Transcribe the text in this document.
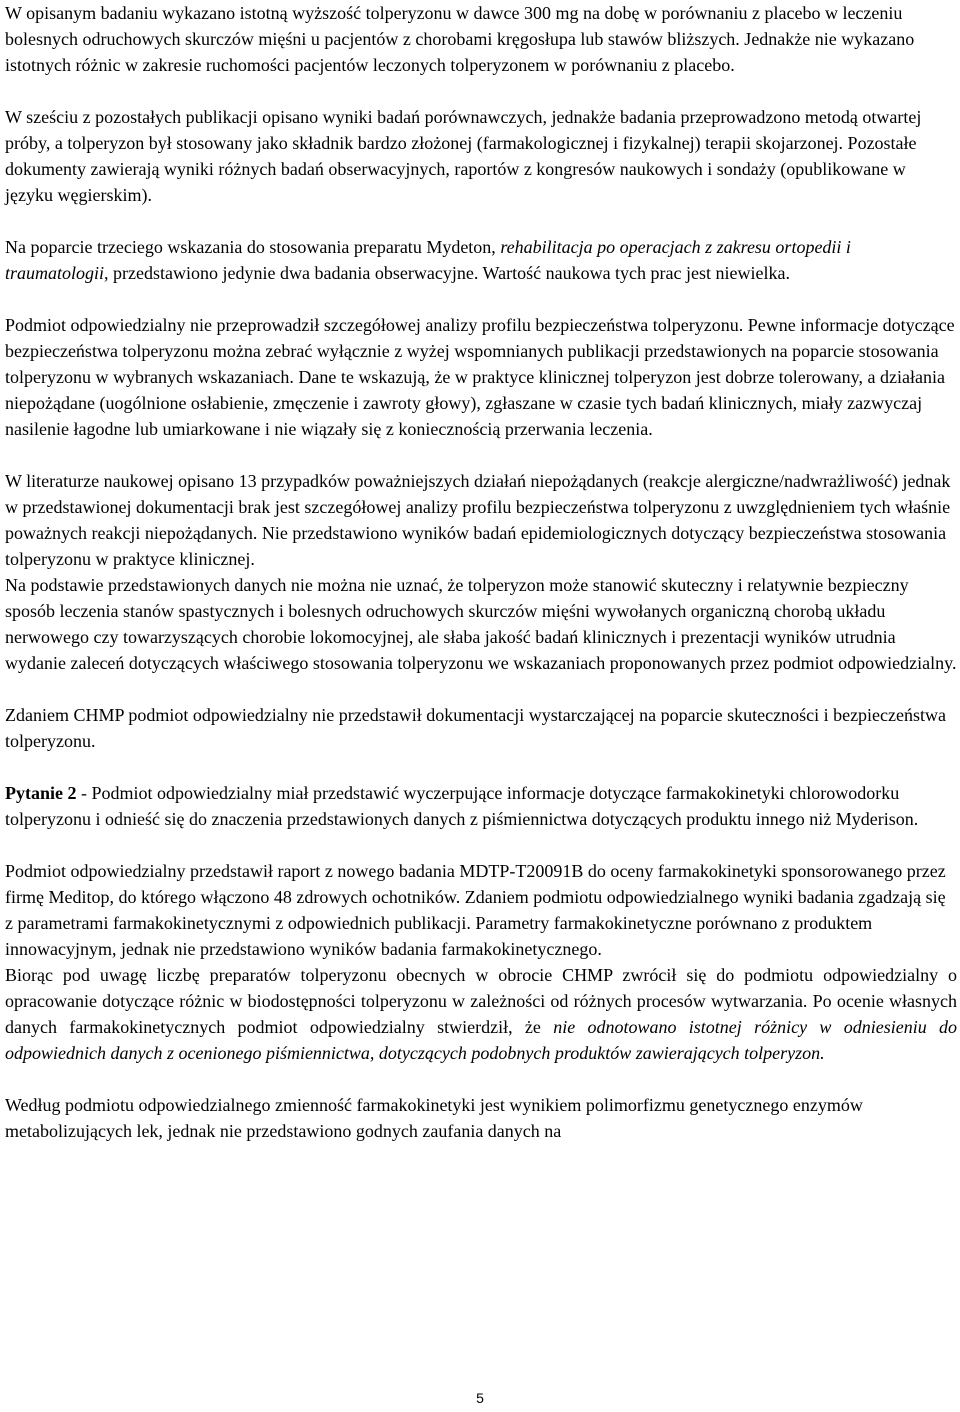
W opisanym badaniu wykazano istotną wyższość tolperyzonu w dawce 300 mg na dobę w porównaniu z placebo w leczeniu bolesnych odruchowych skurczów mięśni u pacjentów z chorobami kręgosłupa lub stawów bliższych. Jednakże nie wykazano istotnych różnic w zakresie ruchomości pacjentów leczonych tolperyzonem w porównaniu z placebo.

W sześciu z pozostałych publikacji opisano wyniki badań porównawczych, jednakże badania przeprowadzono metodą otwartej próby, a tolperyzon był stosowany jako składnik bardzo złożonej (farmakologicznej i fizykalnej) terapii skojarzonej. Pozostałe dokumenty zawierają wyniki różnych badań obserwacyjnych, raportów z kongresów naukowych i sondaży (opublikowane w języku węgierskim).

Na poparcie trzeciego wskazania do stosowania preparatu Mydeton, rehabilitacja po operacjach z zakresu ortopedii i traumatologii, przedstawiono jedynie dwa badania obserwacyjne. Wartość naukowa tych prac jest niewielka.

Podmiot odpowiedzialny nie przeprowadził szczegółowej analizy profilu bezpieczeństwa tolperyzonu. Pewne informacje dotyczące bezpieczeństwa tolperyzonu można zebrać wyłącznie z wyżej wspomnianych publikacji przedstawionych na poparcie stosowania tolperyzonu w wybranych wskazaniach. Dane te wskazują, że w praktyce klinicznej tolperyzon jest dobrze tolerowany, a działania niepożądane (uogólnione osłabienie, zmęczenie i zawroty głowy), zgłaszane w czasie tych badań klinicznych, miały zazwyczaj nasilenie łagodne lub umiarkowane i nie wiązały się z koniecznością przerwania leczenia.

W literaturze naukowej opisano 13 przypadków poważniejszych działań niepożądanych (reakcje alergiczne/nadwrażliwość) jednak w przedstawionej dokumentacji brak jest szczegółowej analizy profilu bezpieczeństwa tolperyzonu z uwzględnieniem tych właśnie poważnych reakcji niepożądanych. Nie przedstawiono wyników badań epidemiologicznych dotyczący bezpieczeństwa stosowania tolperyzonu w praktyce klinicznej.

Na podstawie przedstawionych danych nie można nie uznać, że tolperyzon może stanowić skuteczny i relatywnie bezpieczny sposób leczenia stanów spastycznych i bolesnych odruchowych skurczów mięśni wywołanych organiczną chorobą układu nerwowego czy towarzyszących chorobie lokomocyjnej, ale słaba jakość badań klinicznych i prezentacji wyników utrudnia wydanie zaleceń dotyczących właściwego stosowania tolperyzonu we wskazaniach proponowanych przez podmiot odpowiedzialny.

Zdaniem CHMP podmiot odpowiedzialny nie przedstawił dokumentacji wystarczającej na poparcie skuteczności i bezpieczeństwa tolperyzonu.

Pytanie 2 - Podmiot odpowiedzialny miał przedstawić wyczerpujące informacje dotyczące farmakokinetyki chlorowodorku tolperyzonu i odnieść się do znaczenia przedstawionych danych z piśmiennictwa dotyczących produktu innego niż Myderison.

Podmiot odpowiedzialny przedstawił raport z nowego badania MDTP-T20091B do oceny farmakokinetyki sponsorowanego przez firmę Meditop, do którego włączono 48 zdrowych ochotników. Zdaniem podmiotu odpowiedzialnego wyniki badania zgadzają się z parametrami farmakokinetycznymi z odpowiednich publikacji. Parametry farmakokinetyczne porównano z produktem innowacyjnym, jednak nie przedstawiono wyników badania farmakokinetycznego.

Biorąc pod uwagę liczbę preparatów tolperyzonu obecnych w obrocie CHMP zwrócił się do podmiotu odpowiedzialny o opracowanie dotyczące różnic w biodostępności tolperyzonu w zależności od różnych procesów wytwarzania. Po ocenie własnych danych farmakokinetycznych podmiot odpowiedzialny stwierdził, że nie odnotowano istotnej różnicy w odniesieniu do odpowiednich danych z ocenionego piśmiennictwa, dotyczących podobnych produktów zawierających tolperyzon.

Według podmiotu odpowiedzialnego zmienność farmakokinetyki jest wynikiem polimorfizmu genetycznego enzymów metabolizujących lek, jednak nie przedstawiono godnych zaufania danych na

5
